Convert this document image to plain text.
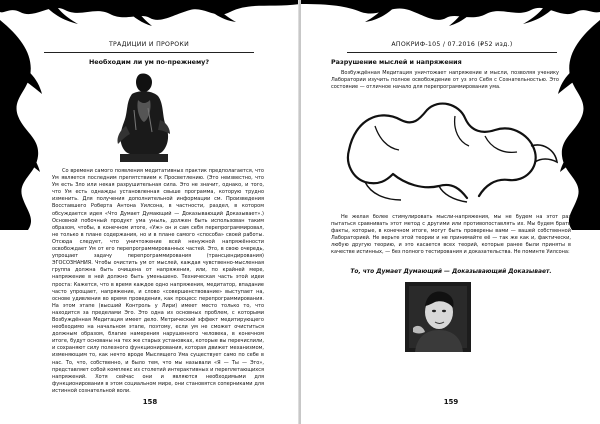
ТРАДИЦИИ И ПРОРОКИ
Необходим ли ум по-прежнему?

Со времени самого появления медитативных практик предполагается, что Ум является последним препятствием к Просветлению. (Это неизвестно, что Ум есть Зло или некая разрушительная сила. Это не значит, однако, и того, что Ум есть однажды установленная свыше программа, которую трудно изменить. Для получения дополнительной информации см. Произведения Восставшего Роберта Антона Уилсона, в частности, раздел, в котором обсуждается идея «Что Думает Думающий — Доказывающий Доказывает».) Основной побочный продукт ума уныль, должен быть использован таким образом, чтобы, в конечном итоге, «Уж» он и сам себя перепрограммировал, не только в плане содержания, но и в плане самого «способа» своей работы. Отсюда следует, что уничтожение всей ненужной напряжённости освобождает Ум от его перепрограммированных частей. Это, в свою очередь, упрощает задачу перепрограммирования (трансцендирования) ЭГОСОЗНАНИЯ. Чтобы очистить ум от мыслей, каждая чувственно-мысленная группа должна быть очищена от напряжения, или, по крайней мере, напряжение в ней должно быть уменьшено. Техническая часть этой идеи проста: Кажется, что в время каждое одно напряжения, медитатор, впадание часто упрощает, напряжение, и слово «совершенствование» выступает на, основе удивления во время проведения, как процесс перепрограммирования. На этом этапе (высший Контроль у Лири) имеет место только то, что находится за пределами Эго. Это одна из основных проблем, с которыми Возбуждённая Медитация имеет дело. Метрический эффект медитирующего необходимо на начальном этапе, поэтому, если ум не сможет очиститься должным образом, благие намерения нарушенного человека, в конечном итоге, будут основаны на тех же старых установках, которые вы перечислили, и сохраняют силу полезного функционирования, которая движет механизмом, изменяющим то, как нечто вроде Мыслящего Ума существует само по себе в нас. То, что, собственно, и было тем, что мы называли «Я — Ты — Эго», представляет собой комплекс из столетий интерактивных и переплетающихся напряжений. Хотя сейчас они и являются необходимыми для функционирования в этом социальном мире, они становятся соперниками для истинной сознательной воли.

158
АПОКРИФ-105 / 07.2016 (₽52 изд.)
Разрушение мыслей и напряжения

Возбуждённая Медитация уничтожает напряжение и мысли, позволяя ученику Лаборатории изучить полное освобождение от уз эго Себя с Сознательностью. Это состояние — отличное начало для перепрограммирования ума.

Не желая более стимулировать мысли-напряжения, мы не будем на этот раз пытаться сравнивать этот метод с другими или противопоставлять их. Мы будем брать факты, которые, в конечном итоге, могут быть проверены вами — вашей собственной Лабораторией. Не верьте этой теории и не принимайте её — так же как и, фактически, любую другую теорию, и это касается всех теорий, которые ранее были приняты в качестве истинных, — без полного тестирования и доказательства. Не поминте Уилсона:

То, что Думает Думающий — Доказывающий Доказывает.
159
